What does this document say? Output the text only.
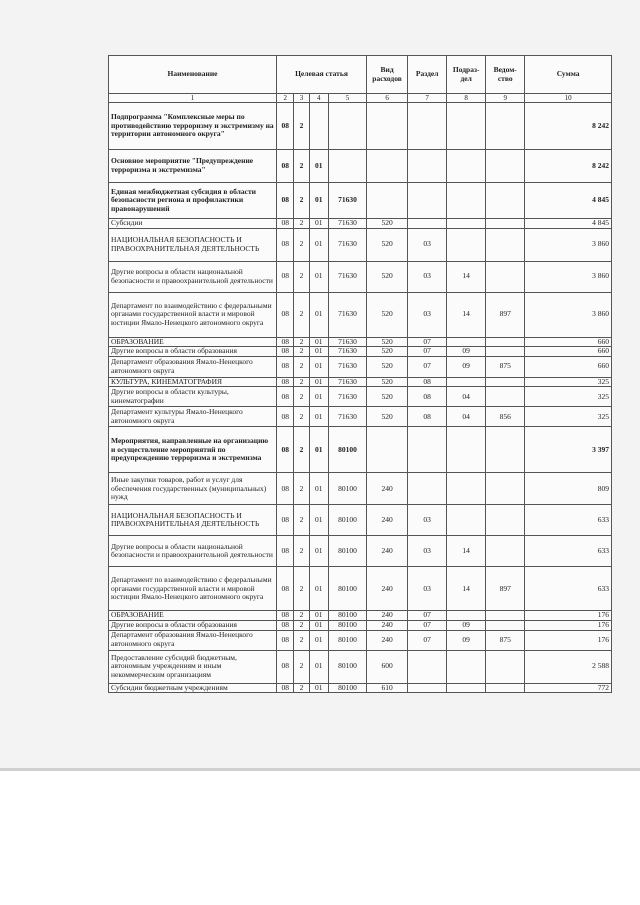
Наименование	Целевая статья				Вид расходов	Раздел	Подраз-дел	Ведом-ство	Сумма
1	2	3	4	5	6	7	8	9	10
Подпрограмма "Комплексные меры по противодействию терроризму и экстремизму на территории автономного округа"	08	2							8 242
Основное мероприятие "Предупреждение терроризма и экстремизма"	08	2	01						8 242
Единая межбюджетная субсидия в области безопасности региона и профилактики правонарушений	08	2	01	71630					4 845
Субсидии	08	2	01	71630	520				4 845
НАЦИОНАЛЬНАЯ БЕЗОПАСНОСТЬ И ПРАВООХРАНИТЕЛЬНАЯ ДЕЯТЕЛЬНОСТЬ	08	2	01	71630	520	03			3 860
Другие вопросы в области национальной безопасности и правоохранительной деятельности	08	2	01	71630	520	03	14		3 860
Департамент по взаимодействию с федеральными органами государственной власти и мировой юстиции Ямало-Ненецкого автономного округа	08	2	01	71630	520	03	14	897	3 860
ОБРАЗОВАНИЕ	08	2	01	71630	520	07			660
Другие вопросы в области образования	08	2	01	71630	520	07	09		660
Департамент образования Ямало-Ненецкого автономного округа	08	2	01	71630	520	07	09	875	660
КУЛЬТУРА, КИНЕМАТОГРАФИЯ	08	2	01	71630	520	08			325
Другие вопросы в области культуры, кинематографии	08	2	01	71630	520	08	04		325
Департамент культуры Ямало-Ненецкого автономного округа	08	2	01	71630	520	08	04	856	325
Мероприятия, направленные на организацию и осуществление мероприятий по предупреждению терроризма и экстремизма	08	2	01	80100					3 397
Иные закупки товаров, работ и услуг для обеспечения государственных (муниципальных) нужд	08	2	01	80100	240				809
НАЦИОНАЛЬНАЯ БЕЗОПАСНОСТЬ И ПРАВООХРАНИТЕЛЬНАЯ ДЕЯТЕЛЬНОСТЬ	08	2	01	80100	240	03			633
Другие вопросы в области национальной безопасности и правоохранительной деятельности	08	2	01	80100	240	03	14		633
Департамент по взаимодействию с федеральными органами государственной власти и мировой юстиции Ямало-Ненецкого автономного округа	08	2	01	80100	240	03	14	897	633
ОБРАЗОВАНИЕ	08	2	01	80100	240	07			176
Другие вопросы в области образования	08	2	01	80100	240	07	09		176
Департамент образования Ямало-Ненецкого автономного округа	08	2	01	80100	240	07	09	875	176
Предоставление субсидий бюджетным, автономным учреждениям и иным некоммерческим организациям	08	2	01	80100	600				2 588
Субсидии бюджетным учреждениям	08	2	01	80100	610				772
